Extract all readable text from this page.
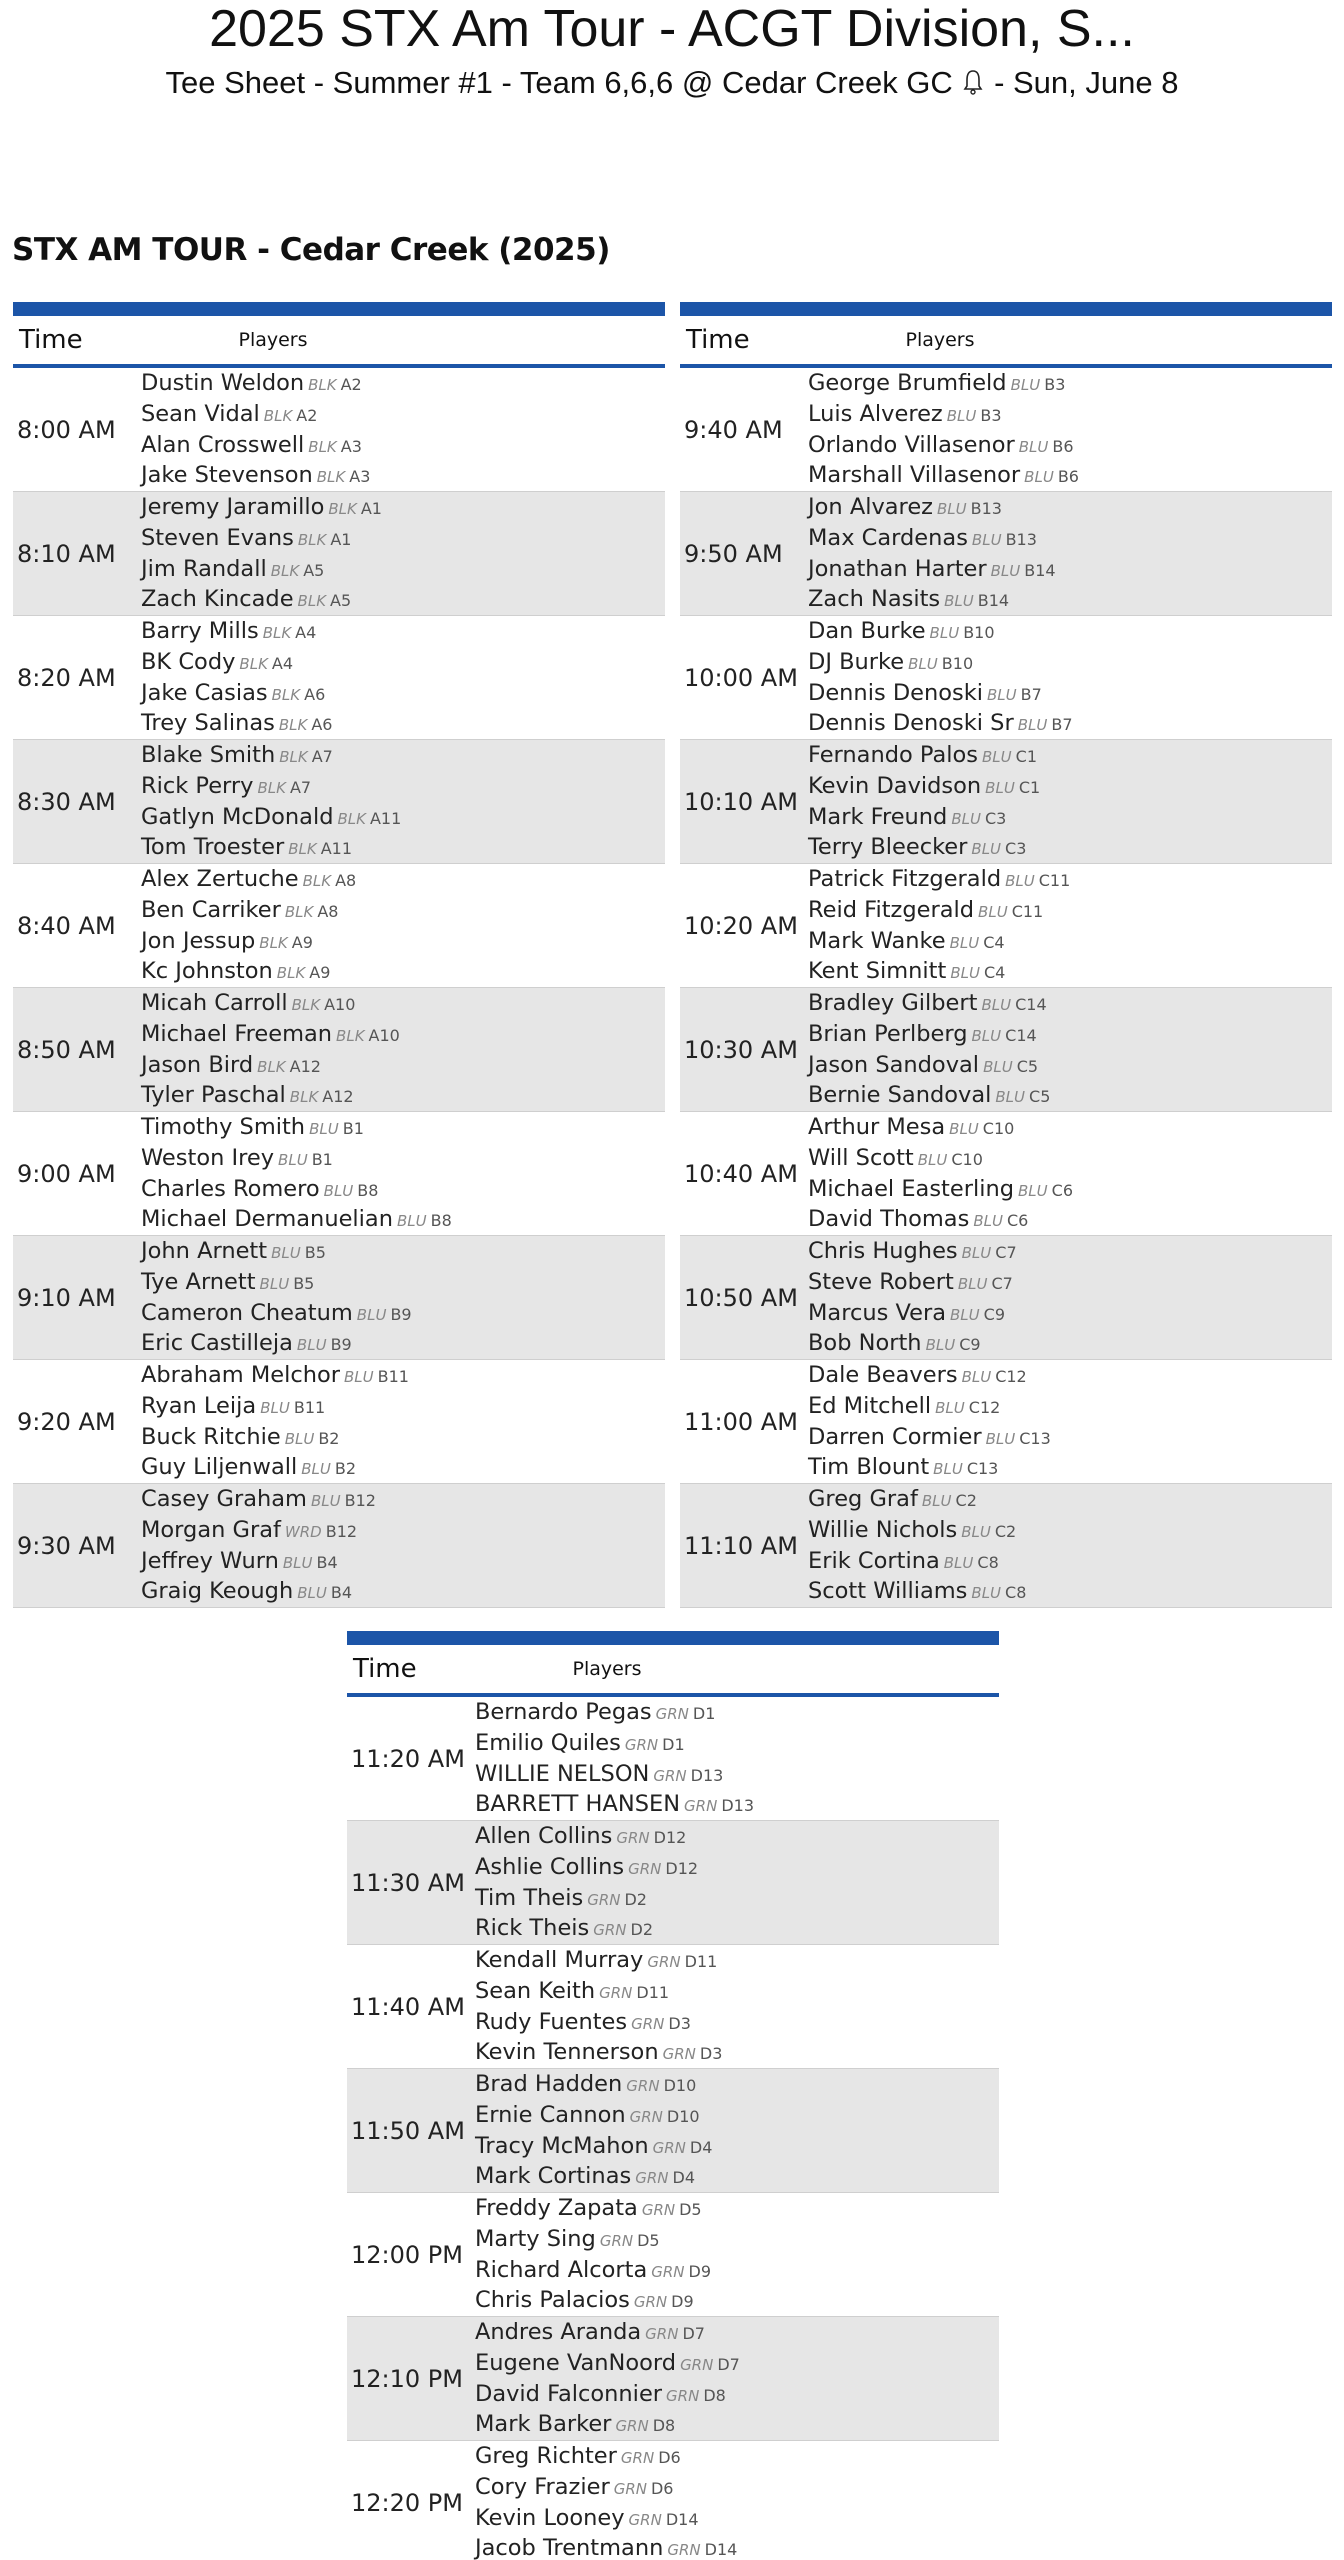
2025 STX Am Tour - ACGT Division, S...
Tee Sheet - Summer #1 - Team 6,6,6 @ Cedar Creek GC - Sun, June 8
STX AM TOUR - Cedar Creek (2025)
Time	Players
8:00 AM
Dustin Weldon BLK A2
Sean Vidal BLK A2
Alan Crosswell BLK A3
Jake Stevenson BLK A3
8:10 AM
Jeremy Jaramillo BLK A1
Steven Evans BLK A1
Jim Randall BLK A5
Zach Kincade BLK A5
8:20 AM
Barry Mills BLK A4
BK Cody BLK A4
Jake Casias BLK A6
Trey Salinas BLK A6
8:30 AM
Blake Smith BLK A7
Rick Perry BLK A7
Gatlyn McDonald BLK A11
Tom Troester BLK A11
8:40 AM
Alex Zertuche BLK A8
Ben Carriker BLK A8
Jon Jessup BLK A9
Kc Johnston BLK A9
8:50 AM
Micah Carroll BLK A10
Michael Freeman BLK A10
Jason Bird BLK A12
Tyler Paschal BLK A12
9:00 AM
Timothy Smith BLU B1
Weston Irey BLU B1
Charles Romero BLU B8
Michael Dermanuelian BLU B8
9:10 AM
John Arnett BLU B5
Tye Arnett BLU B5
Cameron Cheatum BLU B9
Eric Castilleja BLU B9
9:20 AM
Abraham Melchor BLU B11
Ryan Leija BLU B11
Buck Ritchie BLU B2
Guy Liljenwall BLU B2
9:30 AM
Casey Graham BLU B12
Morgan Graf WRD B12
Jeffrey Wurn BLU B4
Graig Keough BLU B4
Time	Players
9:40 AM
George Brumfield BLU B3
Luis Alverez BLU B3
Orlando Villasenor BLU B6
Marshall Villasenor BLU B6
9:50 AM
Jon Alvarez BLU B13
Max Cardenas BLU B13
Jonathan Harter BLU B14
Zach Nasits BLU B14
10:00 AM
Dan Burke BLU B10
DJ Burke BLU B10
Dennis Denoski BLU B7
Dennis Denoski Sr BLU B7
10:10 AM
Fernando Palos BLU C1
Kevin Davidson BLU C1
Mark Freund BLU C3
Terry Bleecker BLU C3
10:20 AM
Patrick Fitzgerald BLU C11
Reid Fitzgerald BLU C11
Mark Wanke BLU C4
Kent Simnitt BLU C4
10:30 AM
Bradley Gilbert BLU C14
Brian Perlberg BLU C14
Jason Sandoval BLU C5
Bernie Sandoval BLU C5
10:40 AM
Arthur Mesa BLU C10
Will Scott BLU C10
Michael Easterling BLU C6
David Thomas BLU C6
10:50 AM
Chris Hughes BLU C7
Steve Robert BLU C7
Marcus Vera BLU C9
Bob North BLU C9
11:00 AM
Dale Beavers BLU C12
Ed Mitchell BLU C12
Darren Cormier BLU C13
Tim Blount BLU C13
11:10 AM
Greg Graf BLU C2
Willie Nichols BLU C2
Erik Cortina BLU C8
Scott Williams BLU C8
Time	Players
11:20 AM
Bernardo Pegas GRN D1
Emilio Quiles GRN D1
WILLIE NELSON GRN D13
BARRETT HANSEN GRN D13
11:30 AM
Allen Collins GRN D12
Ashlie Collins GRN D12
Tim Theis GRN D2
Rick Theis GRN D2
11:40 AM
Kendall Murray GRN D11
Sean Keith GRN D11
Rudy Fuentes GRN D3
Kevin Tennerson GRN D3
11:50 AM
Brad Hadden GRN D10
Ernie Cannon GRN D10
Tracy McMahon GRN D4
Mark Cortinas GRN D4
12:00 PM
Freddy Zapata GRN D5
Marty Sing GRN D5
Richard Alcorta GRN D9
Chris Palacios GRN D9
12:10 PM
Andres Aranda GRN D7
Eugene VanNoord GRN D7
David Falconnier GRN D8
Mark Barker GRN D8
12:20 PM
Greg Richter GRN D6
Cory Frazier GRN D6
Kevin Looney GRN D14
Jacob Trentmann GRN D14
